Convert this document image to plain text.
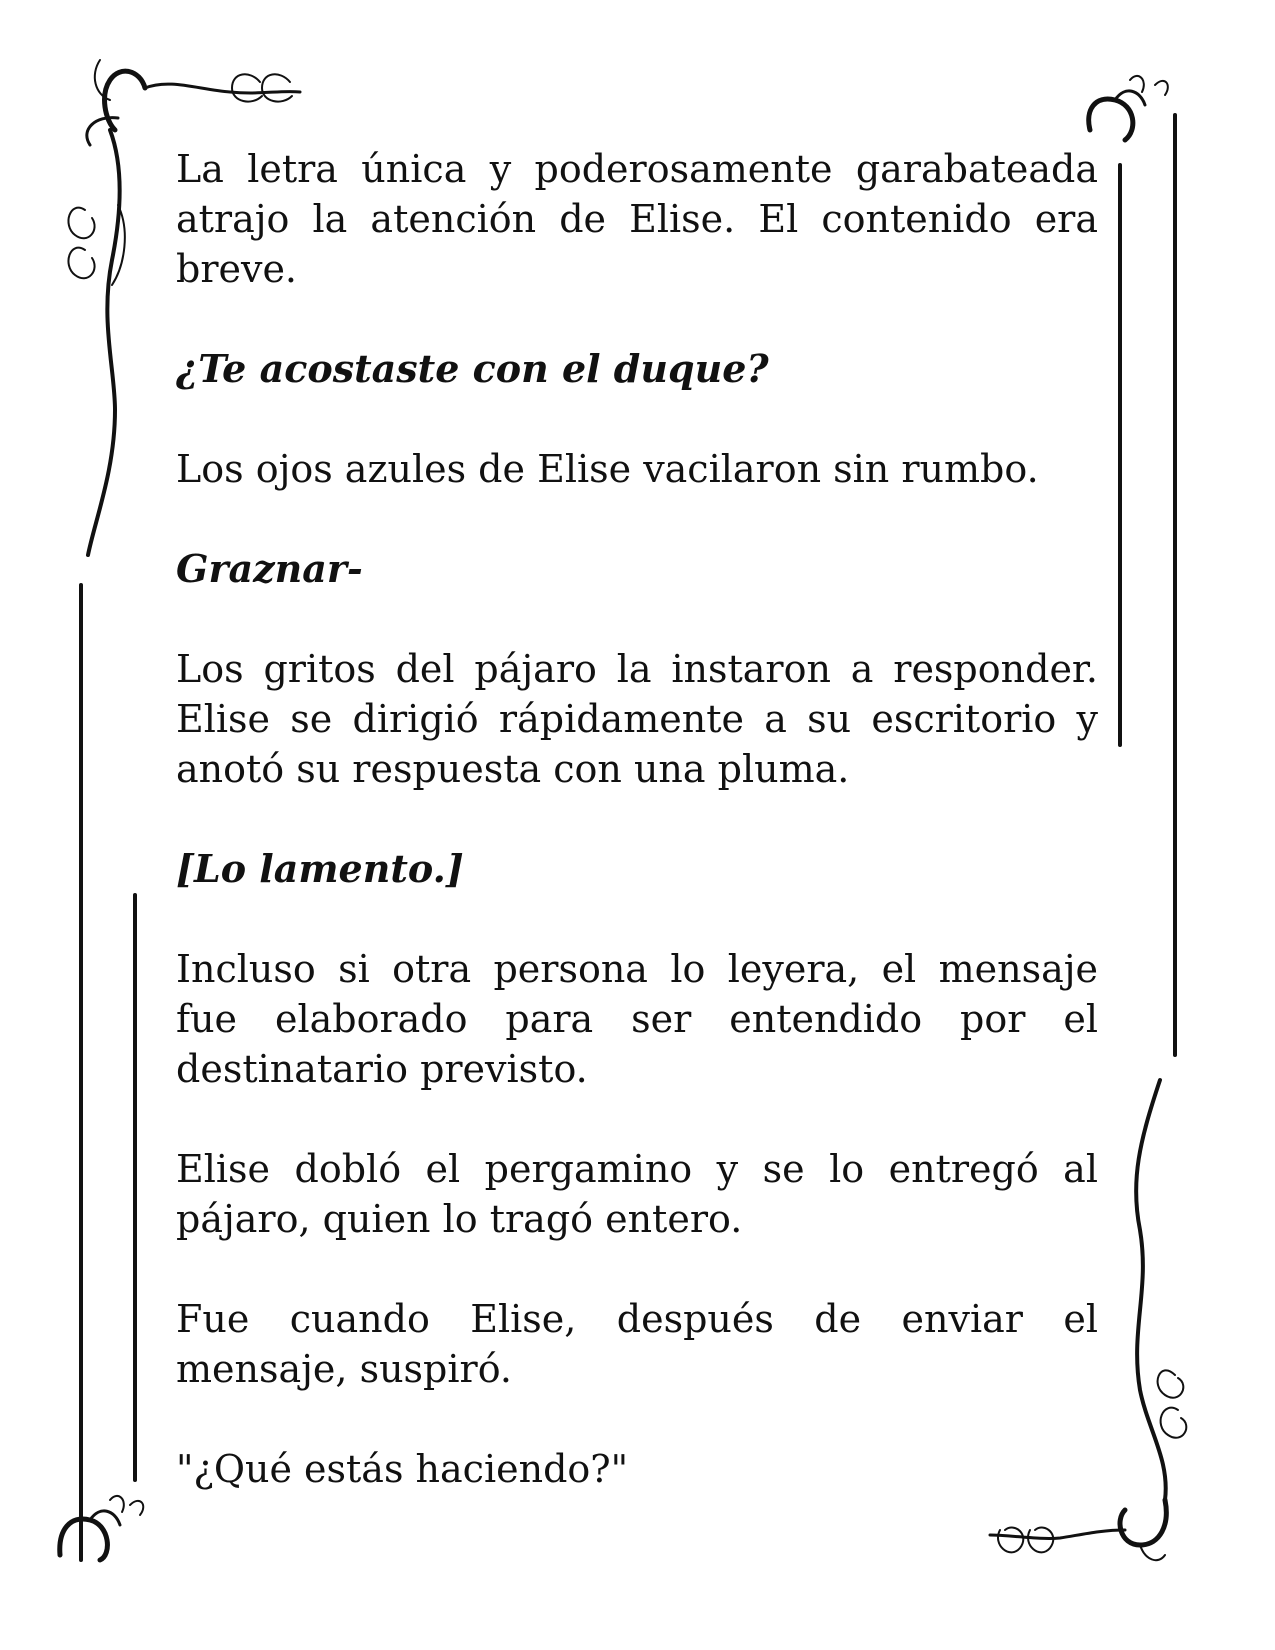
La letra única y poderosamente garabateada atrajo la atención de Elise. El contenido era breve.

¿Te acostaste con el duque?

Los ojos azules de Elise vacilaron sin rumbo.

Graznar-

Los gritos del pájaro la instaron a responder. Elise se dirigió rápidamente a su escritorio y anotó su respuesta con una pluma.

[Lo lamento.]

Incluso si otra persona lo leyera, el mensaje fue elaborado para ser entendido por el destinatario previsto.

Elise dobló el pergamino y se lo entregó al pájaro, quien lo tragó entero.

Fue cuando Elise, después de enviar el mensaje, suspiró.

"¿Qué estás haciendo?"
